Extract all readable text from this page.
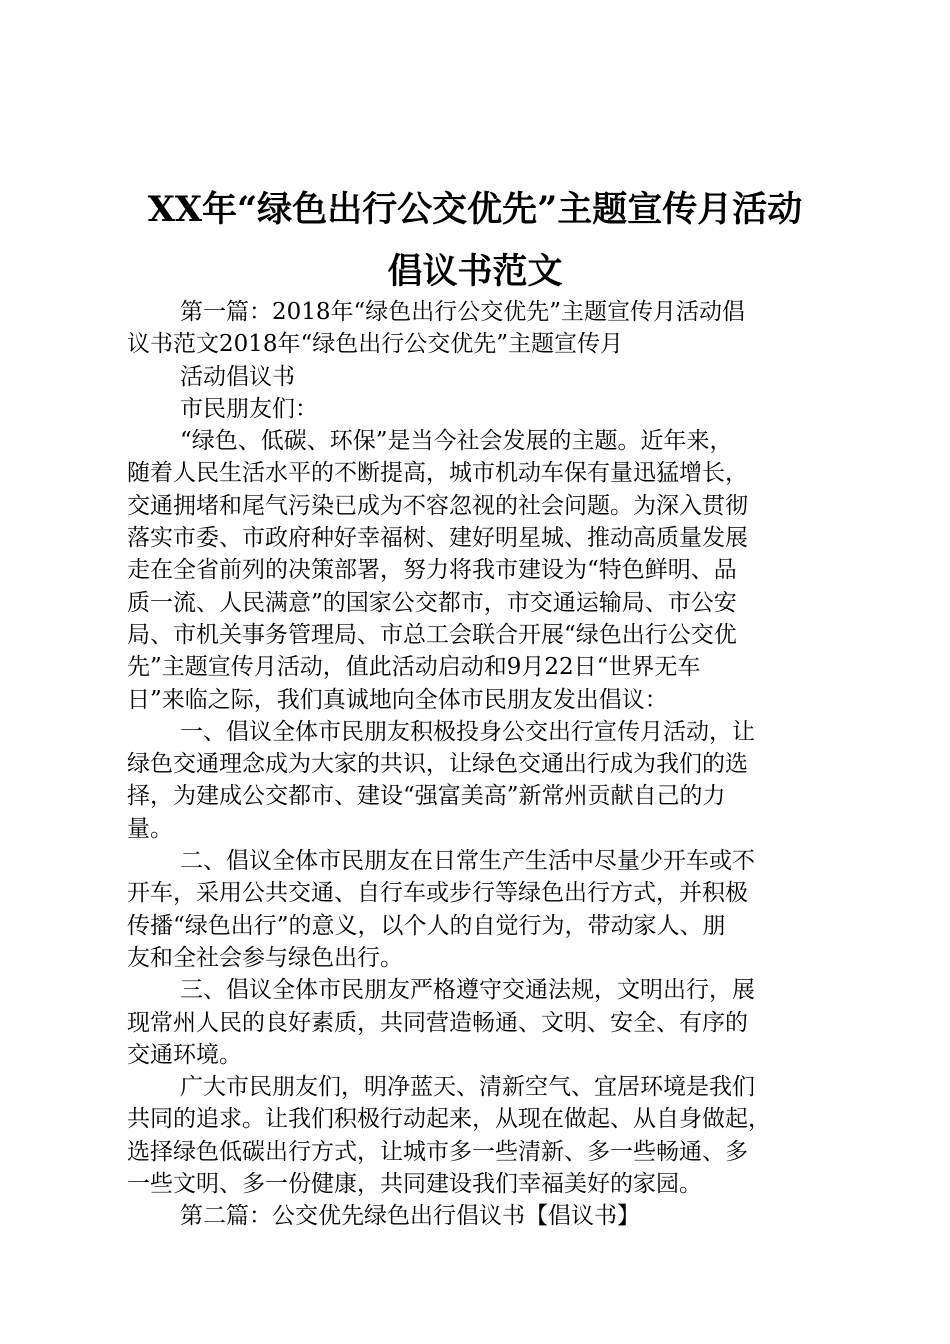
XX年“绿色出行公交优先”主题宣传月活动
倡议书范文
第一篇：2018年“绿色出行公交优先”主题宣传月活动倡
议书范文2018年“绿色出行公交优先”主题宣传月
活动倡议书
市民朋友们：
“绿色、低碳、环保”是当今社会发展的主题。近年来，
随着人民生活水平的不断提高，城市机动车保有量迅猛增长，
交通拥堵和尾气污染已成为不容忽视的社会问题。为深入贯彻
落实市委、市政府种好幸福树、建好明星城、推动高质量发展
走在全省前列的决策部署，努力将我市建设为“特色鲜明、品
质一流、人民满意”的国家公交都市，市交通运输局、市公安
局、市机关事务管理局、市总工会联合开展“绿色出行公交优
先”主题宣传月活动，值此活动启动和9月22日“世界无车
日”来临之际，我们真诚地向全体市民朋友发出倡议：
一、倡议全体市民朋友积极投身公交出行宣传月活动，让
绿色交通理念成为大家的共识，让绿色交通出行成为我们的选
择，为建成公交都市、建设“强富美高”新常州贡献自己的力
量。
二、倡议全体市民朋友在日常生产生活中尽量少开车或不
开车，采用公共交通、自行车或步行等绿色出行方式，并积极
传播“绿色出行”的意义，以个人的自觉行为，带动家人、朋
友和全社会参与绿色出行。
三、倡议全体市民朋友严格遵守交通法规，文明出行，展
现常州人民的良好素质，共同营造畅通、文明、安全、有序的
交通环境。
广大市民朋友们，明净蓝天、清新空气、宜居环境是我们
共同的追求。让我们积极行动起来，从现在做起、从自身做起，
选择绿色低碳出行方式，让城市多一些清新、多一些畅通、多
一些文明、多一份健康，共同建设我们幸福美好的家园。
第二篇：公交优先绿色出行倡议书【倡议书】
